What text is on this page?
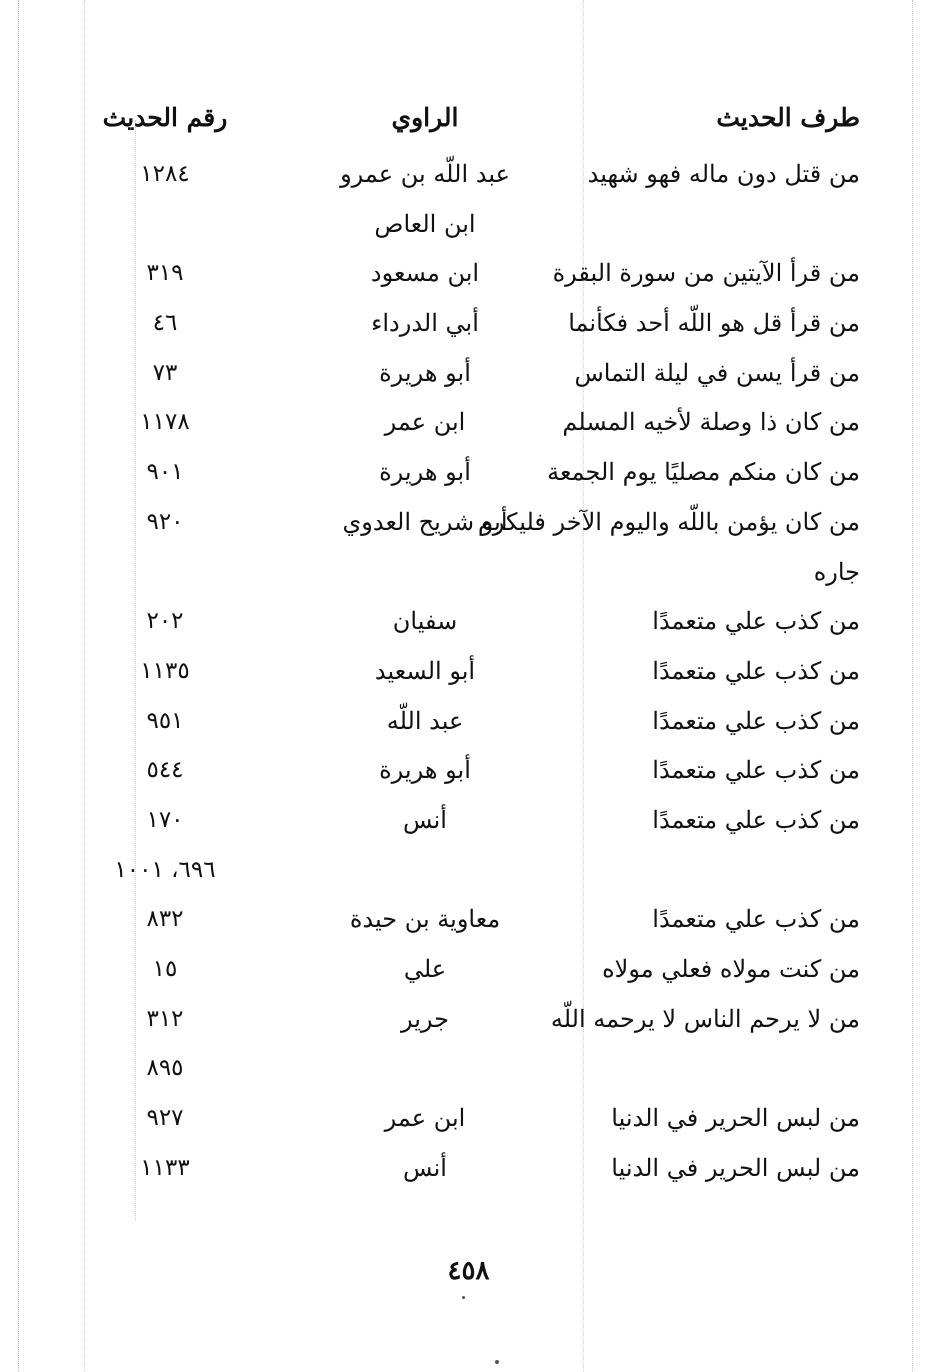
طرف الحديث
الراوي
رقم الحديث
من قتل دون ماله فهو شهيد
عبد اللّه بن عمرو
١٢٨٤
ابن العاص
من قرأ الآيتين من سورة البقرة
ابن مسعود
٣١٩
من قرأ قل هو اللّه أحد فكأنما
أبي الدرداء
٤٦
من قرأ يسن في ليلة التماس
أبو هريرة
٧٣
من كان ذا وصلة لأخيه المسلم
ابن عمر
١١٧٨
من كان منكم مصليًا يوم الجمعة
أبو هريرة
٩٠١
من كان يؤمن باللّه واليوم الآخر فليكرم
أبو شريح العدوي
٩٢٠
جاره
من كذب علي متعمدًا
سفيان
٢٠٢
من كذب علي متعمدًا
أبو السعيد
١١٣٥
من كذب علي متعمدًا
عبد اللّه
٩٥١
من كذب علي متعمدًا
أبو هريرة
٥٤٤
من كذب علي متعمدًا
أنس
١٧٠
٦٩٦، ١٠٠١
من كذب علي متعمدًا
معاوية بن حيدة
٨٣٢
من كنت مولاه فعلي مولاه
علي
١٥
من لا يرحم الناس لا يرحمه اللّه
جرير
٣١٢
٨٩٥
من لبس الحرير في الدنيا
ابن عمر
٩٢٧
من لبس الحرير في الدنيا
أنس
١١٣٣
٤٥٨
